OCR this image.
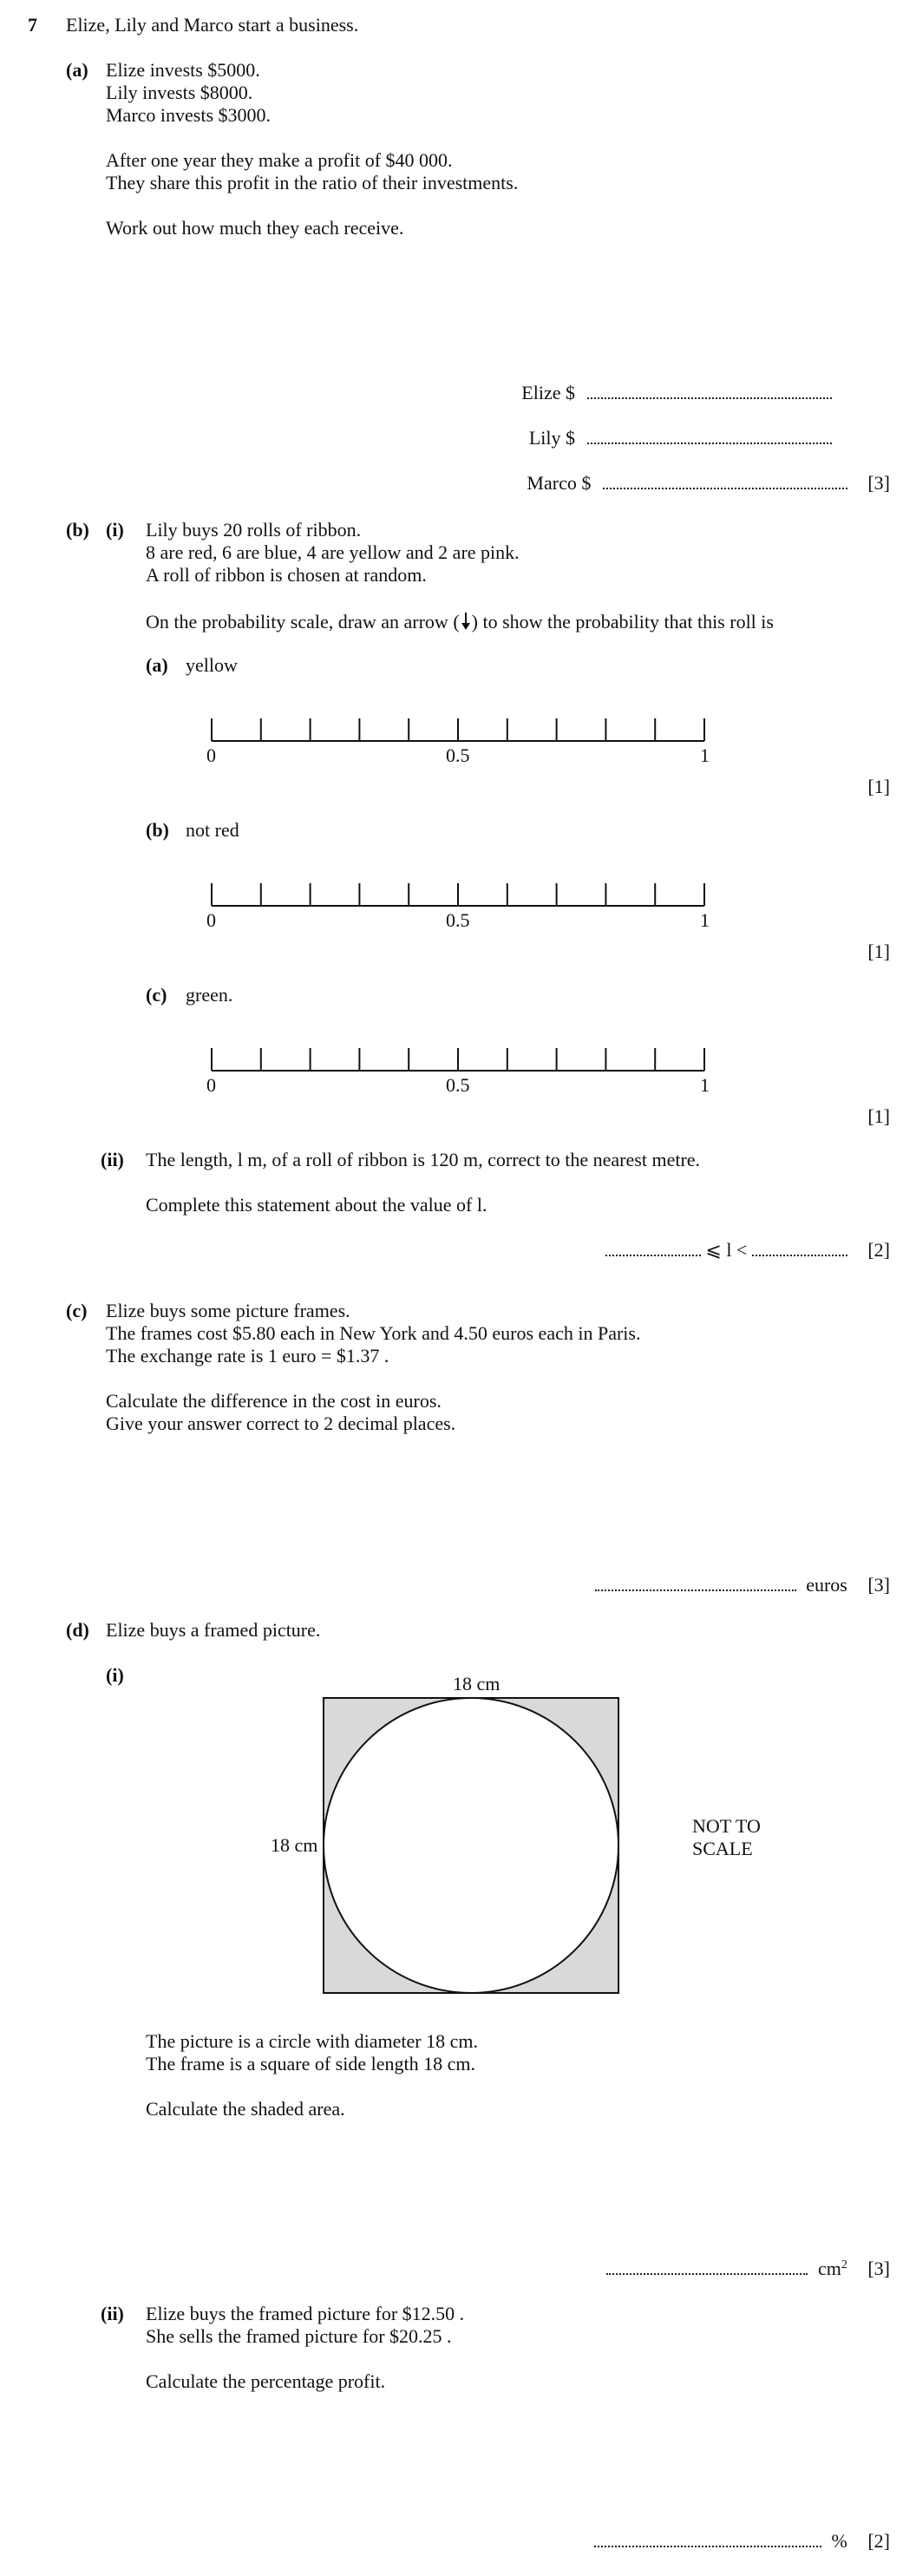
7 Elize, Lily and Marco start a business.
(a) Elize invests $5000.
Lily invests $8000.
Marco invests $3000.
After one year they make a profit of $40 000.
They share this profit in the ratio of their investments.
Work out how much they each receive.
Elize $
Lily $
Marco $	[3]
(b) (i) Lily buys 20 rolls of ribbon.
8 are red, 6 are blue, 4 are yellow and 2 are pink.
A roll of ribbon is chosen at random.
On the probability scale, draw an arrow ( ) to show the probability that this roll is
(a) yellow
0	0.5	1
[1]
(b) not red
0	0.5	1
[1]
(c) green.
0	0.5	1
[1]
(ii) The length, l m, of a roll of ribbon is 120 m, correct to the nearest metre.
Complete this statement about the value of l.
⩽ l <	[2]
(c) Elize buys some picture frames.
The frames cost $5.80 each in New York and 4.50 euros each in Paris.
The exchange rate is 1 euro = $1.37 .
Calculate the difference in the cost in euros.
Give your answer correct to 2 decimal places.
euros [3]
(d) Elize buys a framed picture.
(i)	18 cm
18 cm
NOT TO
SCALE
The picture is a circle with diameter 18 cm.
The frame is a square of side length 18 cm.
Calculate the shaded area.
$cm^2$ [3]
(ii) Elize buys the framed picture for $12.50 .
She sells the framed picture for $20.25 .
Calculate the percentage profit.
% [2]
